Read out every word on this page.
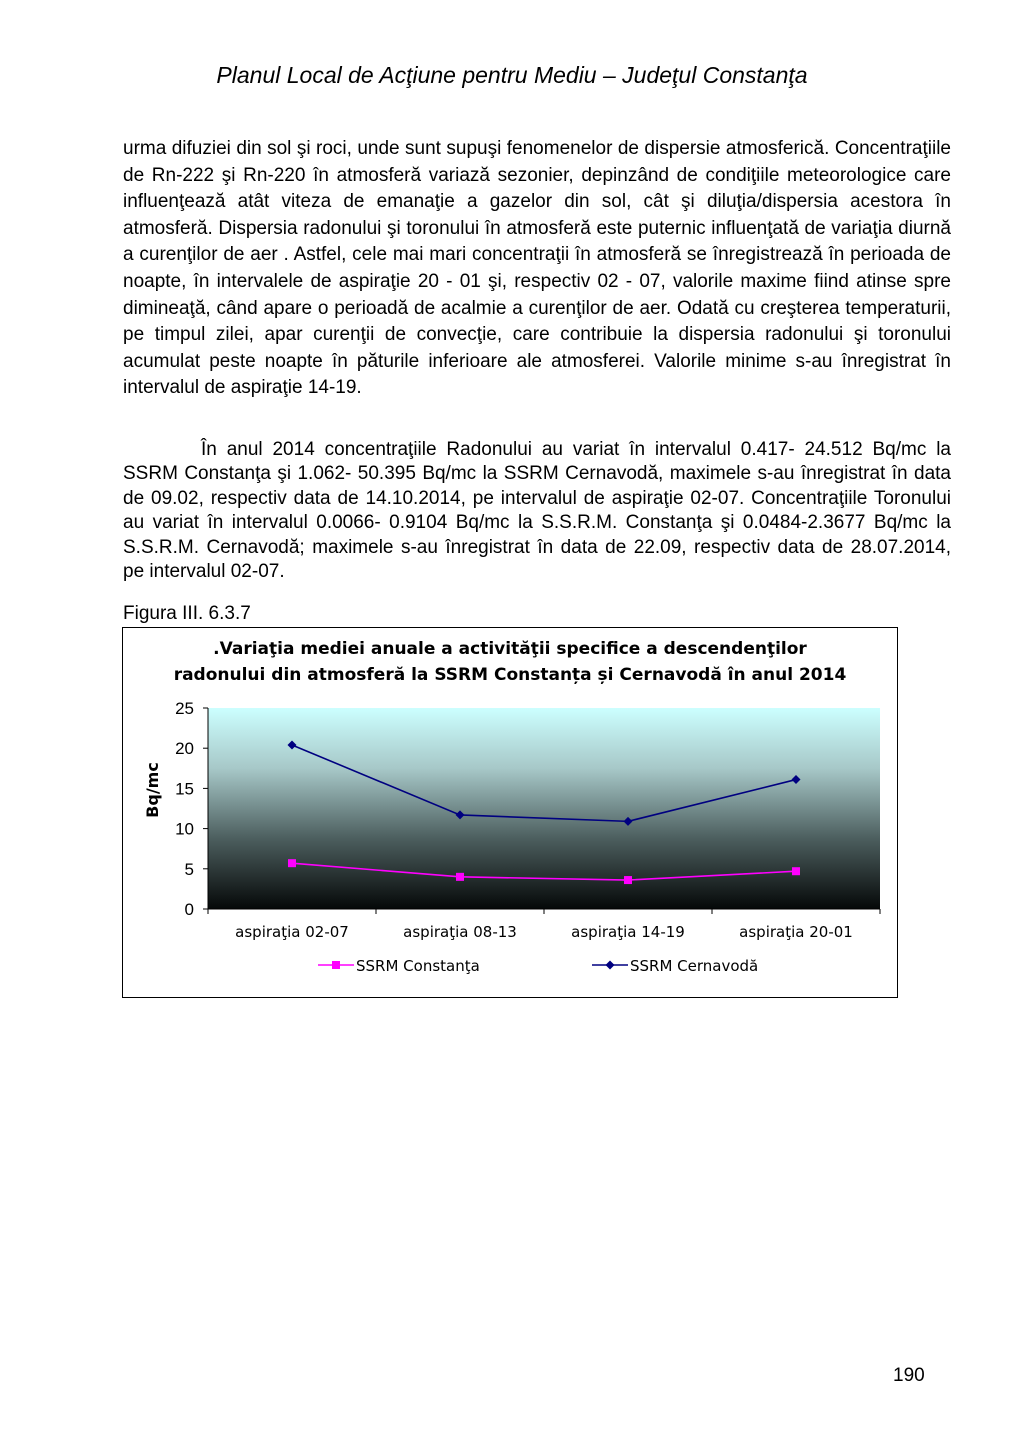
Planul Local de Acţiune pentru Mediu – Judeţul Constanţa

urma difuziei din sol şi roci, unde sunt supuşi fenomenelor de dispersie atmosferică. Concentraţiile de Rn-222 şi Rn-220 în atmosferă variază sezonier, depinzând de condiţiile meteorologice care influenţează atât viteza de emanaţie a gazelor din sol, cât şi diluţia/dispersia acestora în atmosferă. Dispersia radonului şi toronului în atmosferă este puternic influenţată de variaţia diurnă a curenţilor de aer . Astfel, cele mai mari concentraţii în atmosferă se înregistrează în perioada de noapte, în intervalele de aspiraţie 20 - 01 şi, respectiv 02 - 07, valorile maxime fiind atinse spre dimineaţă, când apare o perioadă de acalmie a curenţilor de aer. Odată cu creşterea temperaturii, pe timpul zilei, apar curenţii de convecţie, care contribuie la dispersia radonului şi toronului acumulat peste noapte în păturile inferioare ale atmosferei. Valorile minime s-au înregistrat în intervalul de aspiraţie 14-19.

În anul 2014 concentraţiile Radonului au variat în intervalul 0.417- 24.512 Bq/mc la SSRM Constanţa şi 1.062- 50.395 Bq/mc la SSRM Cernavodă, maximele s-au înregistrat în data de 09.02, respectiv data de 14.10.2014, pe intervalul de aspiraţie 02-07. Concentraţiile Toronului au variat în intervalul 0.0066- 0.9104 Bq/mc la S.S.R.M. Constanţa şi 0.0484-2.3677 Bq/mc la S.S.R.M. Cernavodă; maximele s-au înregistrat în data de 22.09, respectiv data de 28.07.2014, pe intervalul 02-07.

Figura III. 6.3.7
.Variaţia mediei anuale a activităţii specifice a descendenţilor
radonului din atmosferă la SSRM Constanța și Cernavodă în anul 2014
0
5
10
15
20
25
aspiraţia 02-07	aspiraţia 08-13	aspiraţia 14-19	aspiraţia 20-01
Bq/mc
SSRM Constanţa	SSRM Cernavodă
190
